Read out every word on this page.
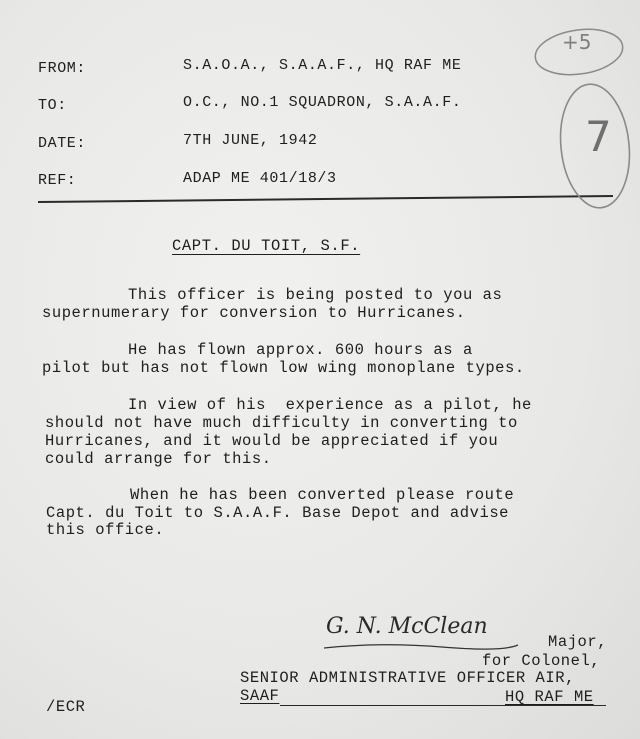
FROM:	S.A.O.A., S.A.A.F., HQ RAF ME
TO:	O.C., NO.1 SQUADRON, S.A.A.F.
DATE:	7TH JUNE, 1942
REF:	ADAP ME 401/18/3
+5
7
CAPT. DU TOIT, S.F.
This officer is being posted to you as
supernumerary for conversion to Hurricanes.
He has flown approx. 600 hours as a
pilot but has not flown low wing monoplane types.
In view of his  experience as a pilot, he
should not have much difficulty in converting to
Hurricanes, and it would be appreciated if you
could arrange for this.
When he has been converted please route
Capt. du Toit to S.A.A.F. Base Depot and advise
this office.
G. N. McClean
Major,
for Colonel,
SENIOR ADMINISTRATIVE OFFICER AIR,
SAAF	HQ RAF ME
/ECR
